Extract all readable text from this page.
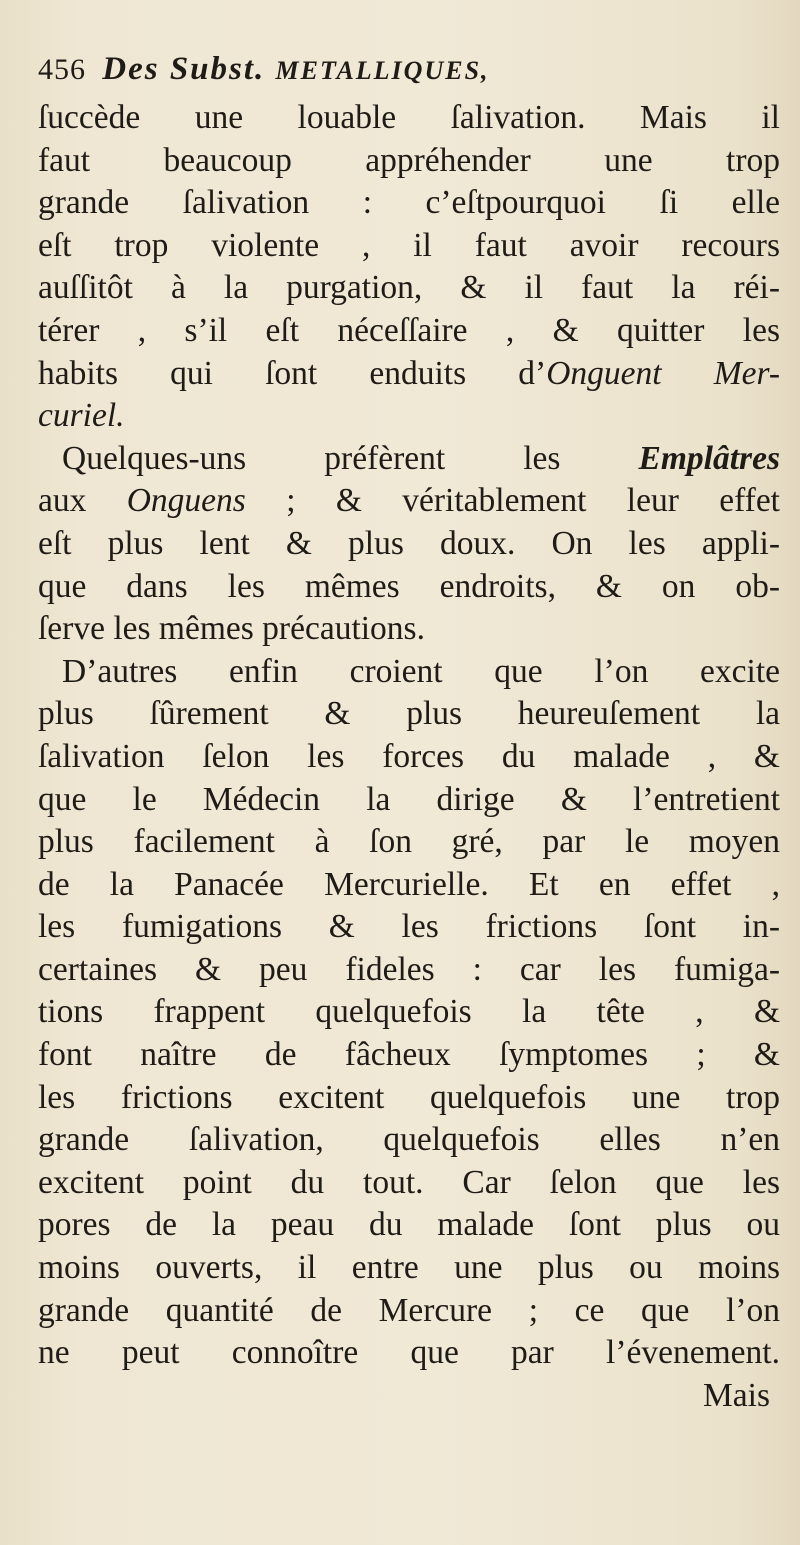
456 Des Subst. METALLIQUES,
ſuccède une louable ſalivation. Mais il
faut beaucoup appréhender une trop
grande ſalivation : c’eſtpourquoi ſi elle
eſt trop violente , il faut avoir recours
auſſitôt à la purgation, & il faut la réi-
térer , s’il eſt néceſſaire , & quitter les
habits qui ſont enduits d’Onguent Mer-
curiel.
Quelques-uns préfèrent les Emplâtres
aux Onguens ; & véritablement leur effet
eſt plus lent & plus doux. On les appli-
que dans les mêmes endroits, & on ob-
ſerve les mêmes précautions.
D’autres enfin croient que l’on excite
plus ſûrement & plus heureuſement la
ſalivation ſelon les forces du malade , &
que le Médecin la dirige & l’entretient
plus facilement à ſon gré, par le moyen
de la Panacée Mercurielle. Et en effet ,
les fumigations & les frictions ſont in-
certaines & peu fideles : car les fumiga-
tions frappent quelquefois la tête , &
font naître de fâcheux ſymptomes ; &
les frictions excitent quelquefois une trop
grande ſalivation, quelquefois elles n’en
excitent point du tout. Car ſelon que les
pores de la peau du malade ſont plus ou
moins ouverts, il entre une plus ou moins
grande quantité de Mercure ; ce que l’on
ne peut connoître que par l’évenement.
Mais
